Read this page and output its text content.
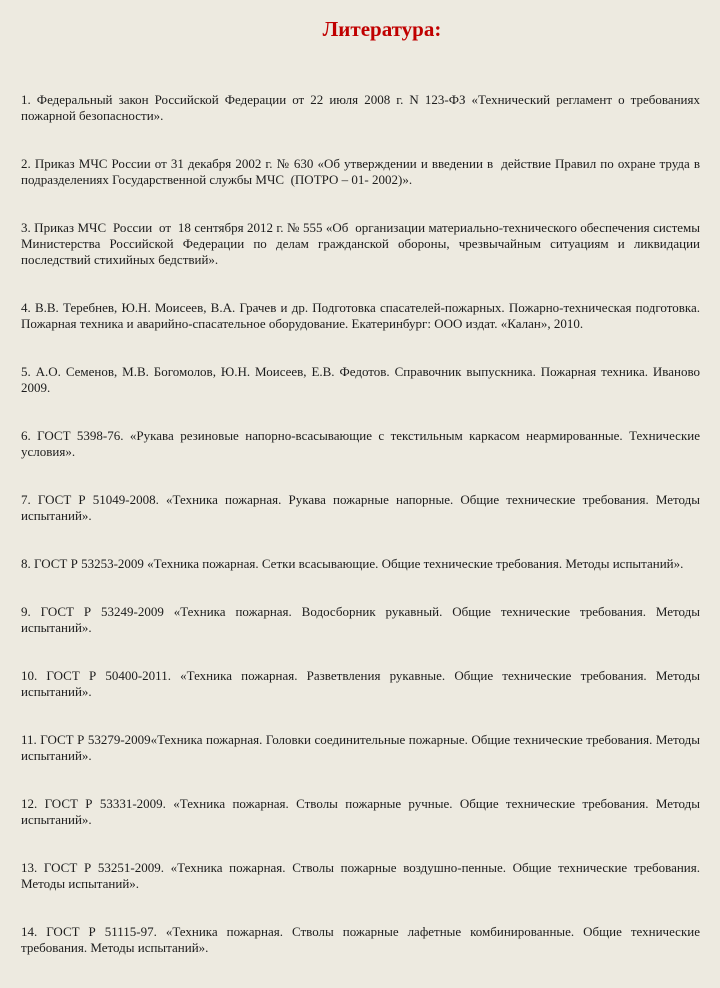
Литература:

1. Федеральный закон Российской Федерации от 22 июля 2008 г. N 123-ФЗ «Технический регламент о требованиях пожарной безопасности».

2. Приказ МЧС России от 31 декабря 2002 г. № 630 «Об утверждении и введении в  действие Правил по охране труда в подразделениях Государственной службы МЧС  (ПОТРО – 01- 2002)».

3. Приказ МЧС  России  от  18 сентября 2012 г. № 555 «Об  организации материально-технического обеспечения системы Министерства Российской Федерации по делам гражданской обороны, чрезвычайным ситуациям и ликвидации последствий стихийных бедствий».

4. В.В. Теребнев, Ю.Н. Моисеев, В.А. Грачев и др. Подготовка спасателей-пожарных. Пожарно-техническая подготовка. Пожарная техника и аварийно-спасательное оборудование. Екатеринбург: ООО издат. «Калан», 2010.

5. А.О. Семенов, М.В. Богомолов, Ю.Н. Моисеев, Е.В. Федотов. Справочник выпускника. Пожарная техника. Иваново 2009.

6. ГОСТ 5398-76. «Рукава резиновые напорно-всасывающие с текстильным каркасом неармированные. Технические условия».

7. ГОСТ Р 51049-2008. «Техника пожарная. Рукава пожарные напорные. Общие технические требования. Методы испытаний».

8. ГОСТ Р 53253-2009 «Техника пожарная. Сетки всасывающие. Общие технические требования. Методы испытаний».

9. ГОСТ Р 53249-2009 «Техника пожарная. Водосборник рукавный. Общие технические требования. Методы испытаний».

10. ГОСТ Р 50400-2011. «Техника пожарная. Разветвления рукавные. Общие технические требования. Методы испытаний».

11. ГОСТ Р 53279-2009«Техника пожарная. Головки соединительные пожарные. Общие технические требования. Методы испытаний».

12. ГОСТ Р 53331-2009. «Техника пожарная. Стволы пожарные ручные. Общие технические требования. Методы испытаний».

13. ГОСТ Р 53251-2009. «Техника пожарная. Стволы пожарные воздушно-пенные. Общие технические требования. Методы испытаний».

14. ГОСТ Р 51115-97. «Техника пожарная. Стволы пожарные лафетные комбинированные. Общие технические требования. Методы испытаний».
